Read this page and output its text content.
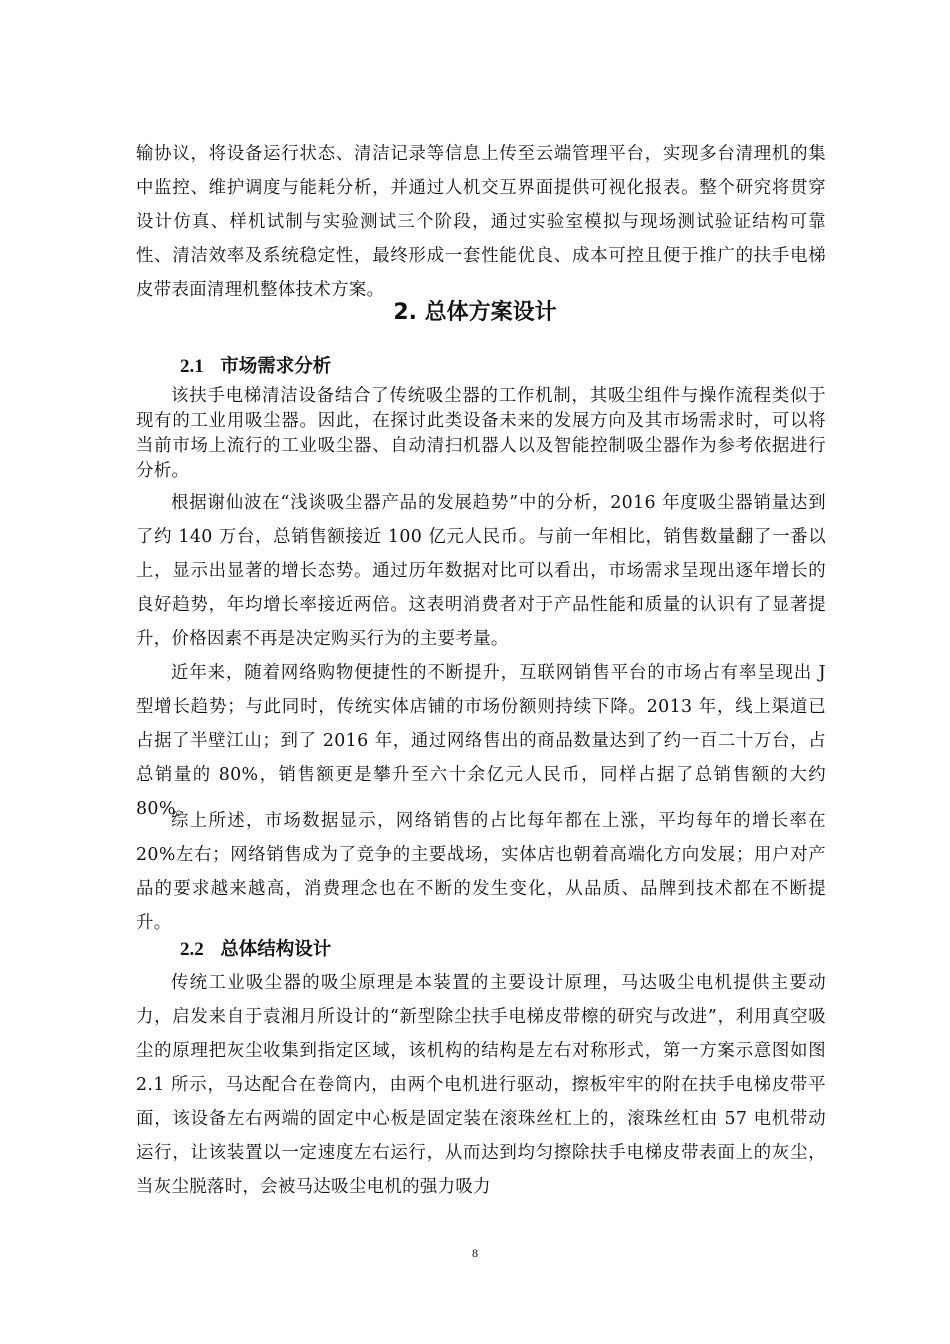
输协议，将设备运行状态、清洁记录等信息上传至云端管理平台，实现多台清理机的集中监控、维护调度与能耗分析，并通过人机交互界面提供可视化报表。整个研究将贯穿设计仿真、样机试制与实验测试三个阶段，通过实验室模拟与现场测试验证结构可靠性、清洁效率及系统稳定性，最终形成一套性能优良、成本可控且便于推广的扶手电梯皮带表面清理机整体技术方案。

2. 总体方案设计
2.1 市场需求分析

该扶手电梯清洁设备结合了传统吸尘器的工作机制，其吸尘组件与操作流程类似于现有的工业用吸尘器。因此，在探讨此类设备未来的发展方向及其市场需求时，可以将当前市场上流行的工业吸尘器、自动清扫机器人以及智能控制吸尘器作为参考依据进行分析。

根据谢仙波在“浅谈吸尘器产品的发展趋势”中的分析，2016 年度吸尘器销量达到了约 140 万台，总销售额接近 100 亿元人民币。与前一年相比，销售数量翻了一番以上，显示出显著的增长态势。通过历年数据对比可以看出，市场需求呈现出逐年增长的良好趋势，年均增长率接近两倍。这表明消费者对于产品性能和质量的认识有了显著提升，价格因素不再是决定购买行为的主要考量。

近年来，随着网络购物便捷性的不断提升，互联网销售平台的市场占有率呈现出 J 型增长趋势；与此同时，传统实体店铺的市场份额则持续下降。2013 年，线上渠道已占据了半壁江山；到了 2016 年，通过网络售出的商品数量达到了约一百二十万台，占总销量的 80%，销售额更是攀升至六十余亿元人民币，同样占据了总销售额的大约 80%。

综上所述，市场数据显示，网络销售的占比每年都在上涨，平均每年的增长率在 20%左右；网络销售成为了竞争的主要战场，实体店也朝着高端化方向发展；用户对产品的要求越来越高，消费理念也在不断的发生变化，从品质、品牌到技术都在不断提升。

2.2 总体结构设计

传统工业吸尘器的吸尘原理是本装置的主要设计原理，马达吸尘电机提供主要动力，启发来自于袁湘月所设计的“新型除尘扶手电梯皮带檫的研究与改进”，利用真空吸尘的原理把灰尘收集到指定区域，该机构的结构是左右对称形式，第一方案示意图如图 2.1 所示，马达配合在卷筒内，由两个电机进行驱动，擦板牢牢的附在扶手电梯皮带平面，该设备左右两端的固定中心板是固定装在滚珠丝杠上的，滚珠丝杠由 57 电机带动运行，让该装置以一定速度左右运行，从而达到均匀擦除扶手电梯皮带表面上的灰尘，当灰尘脱落时，会被马达吸尘电机的强力吸力

8
